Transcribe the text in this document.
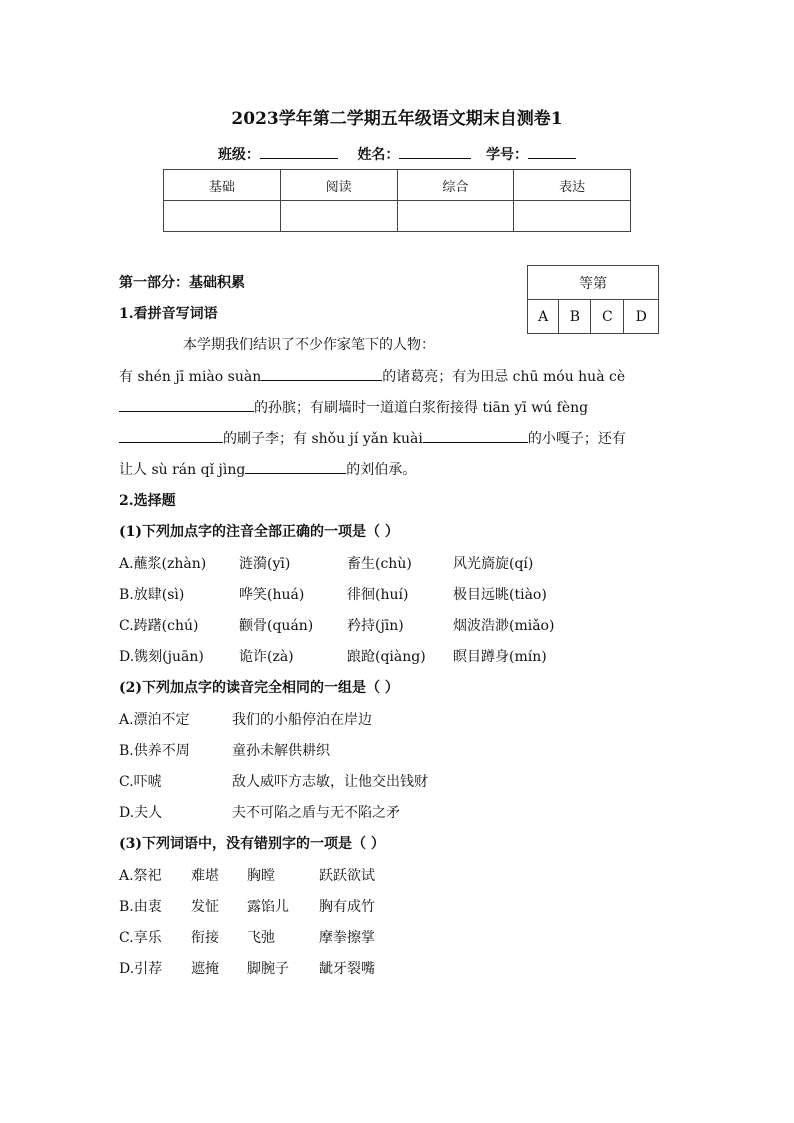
2023学年第二学期五年级语文期末自测卷1
班级：	姓名：	学号：
基础	阅读	综合	表达

等第
A	B	C	D
第一部分：基础积累
1.看拼音写词语
本学期我们结识了不少作家笔下的人物：
有 shén jī miào suàn	的诸葛亮；有为田忌 chū móu huà cè
的孙膑；有刷墙时一道道白浆衔接得 tiān yī wú fèng
的刷子李；有 shǒu jí yǎn kuài	的小嘎子；还有
让人 sù rán qǐ jìng	的刘伯承。
2.选择题
(1)下列加点字的注音全部正确的一项是（ ）
A.蘸浆(zhàn) 涟漪(yī)	畜生(chù)	风光旖旋(qí)
B.放肆(sì)	哗笑(huá)	徘徊(huí)	极目远眺(tiào)
C.踌躇(chú)	颧骨(quán) 矜持(jīn)	烟波浩渺(miǎo)
D.镌刻(juān)	诡诈(zà)	踉跄(qiàng) 瞑目蹲身(mín)
(2)下列加点字的读音完全相同的一组是（ ）
A.漂泊不定	我们的小船停泊在岸边
B.供养不周	童孙未解供耕织
C.吓唬	敌人威吓方志敏，让他交出钱财
D.夫人	夫不可陷之盾与无不陷之矛
(3)下列词语中，没有错别字的一项是（ ）
A.祭祀 难堪 胸瞠	跃跃欲试
B.由衷 发怔 露馅儿 胸有成竹
C.享乐 衔接 飞弛	摩拳擦掌
D.引荐 遮掩 脚腕子 龇牙裂嘴
